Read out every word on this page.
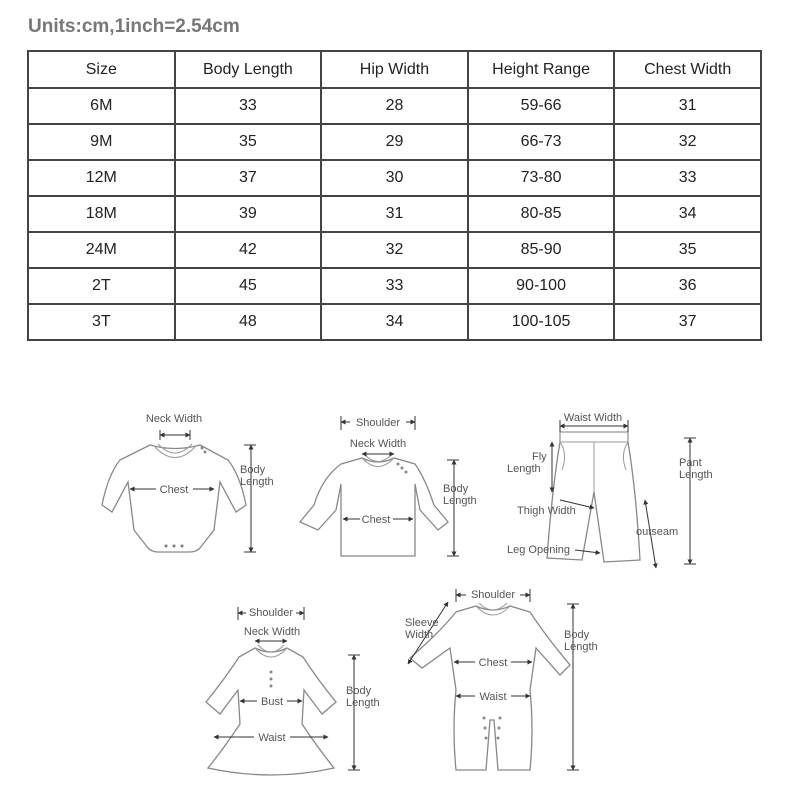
Units:cm,1inch=2.54cm
Size	Body Length	Hip Width	Height Range	Chest Width
6M	33	28	59-66	31
9M	35	29	66-73	32
12M	37	30	73-80	33
18M	39	31	80-85	34
24M	42	32	85-90	35
2T	45	33	90-100	36
3T	48	34	100-105	37
Neck Width
Chest
Body
Length
Shoulder
Neck Width
Chest
Body
Length
Waist Width
Fly
Length
Thigh Width
Leg Opening
outseam
Pant
Length
Shoulder
Neck Width
Bust
Waist
Body
Length
Shoulder
Sleeve
Width
Chest
Waist
Body
Length
